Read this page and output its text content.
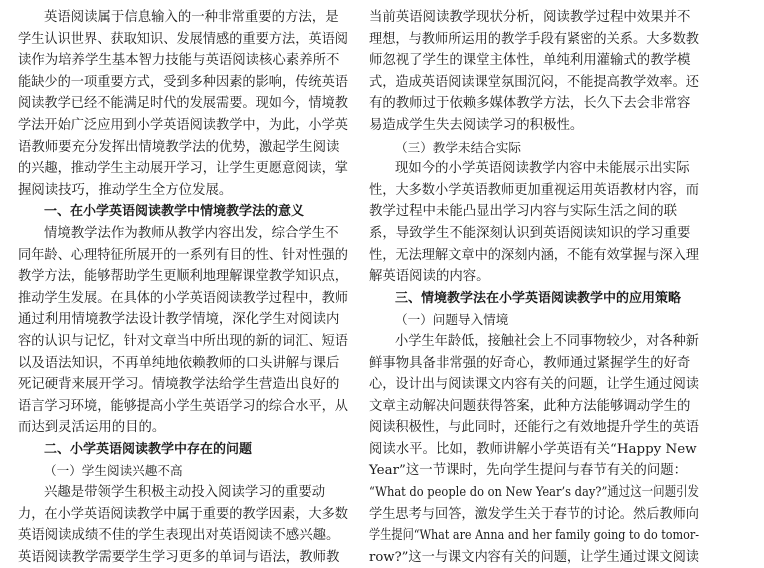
英语阅读属于信息输入的一种非常重要的方法，是
学生认识世界、获取知识、发展情感的重要方法，英语阅
读作为培养学生基本智力技能与英语阅读核心素养所不
能缺少的一项重要方式，受到多种因素的影响，传统英语
阅读教学已经不能满足时代的发展需要。现如今，情境教
学法开始广泛应用到小学英语阅读教学中，为此，小学英
语教师要充分发挥出情境教学法的优势，激起学生阅读
的兴趣，推动学生主动展开学习，让学生更愿意阅读，掌
握阅读技巧，推动学生全方位发展。
一、在小学英语阅读教学中情境教学法的意义
情境教学法作为教师从教学内容出发，综合学生不
同年龄、心理特征所展开的一系列有目的性、针对性强的
教学方法，能够帮助学生更顺利地理解课堂教学知识点，
推动学生发展。在具体的小学英语阅读教学过程中，教师
通过利用情境教学法设计教学情境，深化学生对阅读内
容的认识与记忆，针对文章当中所出现的新的词汇、短语
以及语法知识，不再单纯地依赖教师的口头讲解与课后
死记硬背来展开学习。情境教学法给学生营造出良好的
语言学习环境，能够提高小学生英语学习的综合水平，从
而达到灵活运用的目的。
二、小学英语阅读教学中存在的问题
（一）学生阅读兴趣不高
兴趣是带领学生积极主动投入阅读学习的重要动
力，在小学英语阅读教学中属于重要的教学因素，大多数
英语阅读成绩不佳的学生表现出对英语阅读不感兴趣。
英语阅读教学需要学生学习更多的单词与语法，教师教
当前英语阅读教学现状分析，阅读教学过程中效果并不
理想，与教师所运用的教学手段有紧密的关系。大多数教
师忽视了学生的课堂主体性，单纯利用灌输式的教学模
式，造成英语阅读课堂氛围沉闷，不能提高教学效率。还
有的教师过于依赖多媒体教学方法，长久下去会非常容
易造成学生失去阅读学习的积极性。
（三）教学未结合实际
现如今的小学英语阅读教学内容中未能展示出实际
性，大多数小学英语教师更加重视运用英语教材内容，而
教学过程中未能凸显出学习内容与实际生活之间的联
系，导致学生不能深刻认识到英语阅读知识的学习重要
性，无法理解文章中的深刻内涵，不能有效掌握与深入理
解英语阅读的内容。
三、情境教学法在小学英语阅读教学中的应用策略
（一）问题导入情境
小学生年龄低，接触社会上不同事物较少，对各种新
鲜事物具备非常强的好奇心，教师通过紧握学生的好奇
心，设计出与阅读课文内容有关的问题，让学生通过阅读
文章主动解决问题获得答案，此种方法能够调动学生的
阅读积极性，与此同时，还能行之有效地提升学生的英语
阅读水平。比如，教师讲解小学英语有关“Happy New
Year”这一节课时，先向学生提问与春节有关的问题：
“What do people do on New Year’s day?”通过这一问题引发
学生思考与回答，激发学生关于春节的讨论。然后教师向
学生提问“What are Anna and her family going to do tomor-
row?”这一与课文内容有关的问题，让学生通过课文阅读
